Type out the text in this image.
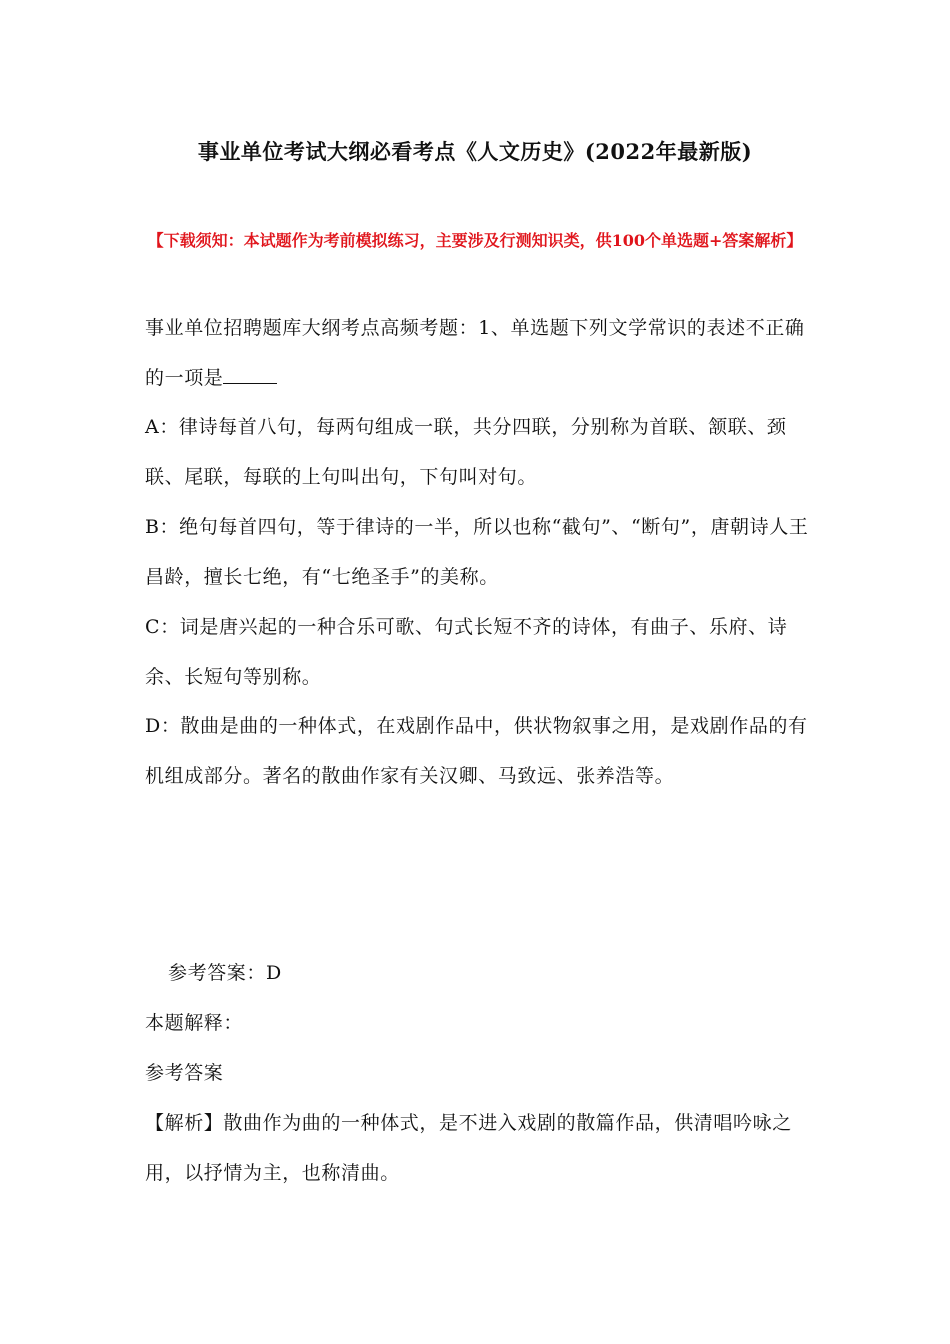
事业单位考试大纲必看考点《人文历史》(2022年最新版)
【下载须知：本试题作为考前模拟练习，主要涉及行测知识类，供100个单选题+答案解析】
事业单位招聘题库大纲考点高频考题：1、单选题下列文学常识的表述不正确的一项是
A：律诗每首八句，每两句组成一联，共分四联，分别称为首联、颔联、颈联、尾联，每联的上句叫出句，下句叫对句。
B：绝句每首四句，等于律诗的一半，所以也称“截句”、“断句”，唐朝诗人王昌龄，擅长七绝，有“七绝圣手”的美称。
C：词是唐兴起的一种合乐可歌、句式长短不齐的诗体，有曲子、乐府、诗余、长短句等别称。
D：散曲是曲的一种体式，在戏剧作品中，供状物叙事之用，是戏剧作品的有机组成部分。著名的散曲作家有关汉卿、马致远、张养浩等。
参考答案：D
本题解释：
参考答案
【解析】散曲作为曲的一种体式，是不进入戏剧的散篇作品，供清唱吟咏之用，以抒情为主，也称清曲。
